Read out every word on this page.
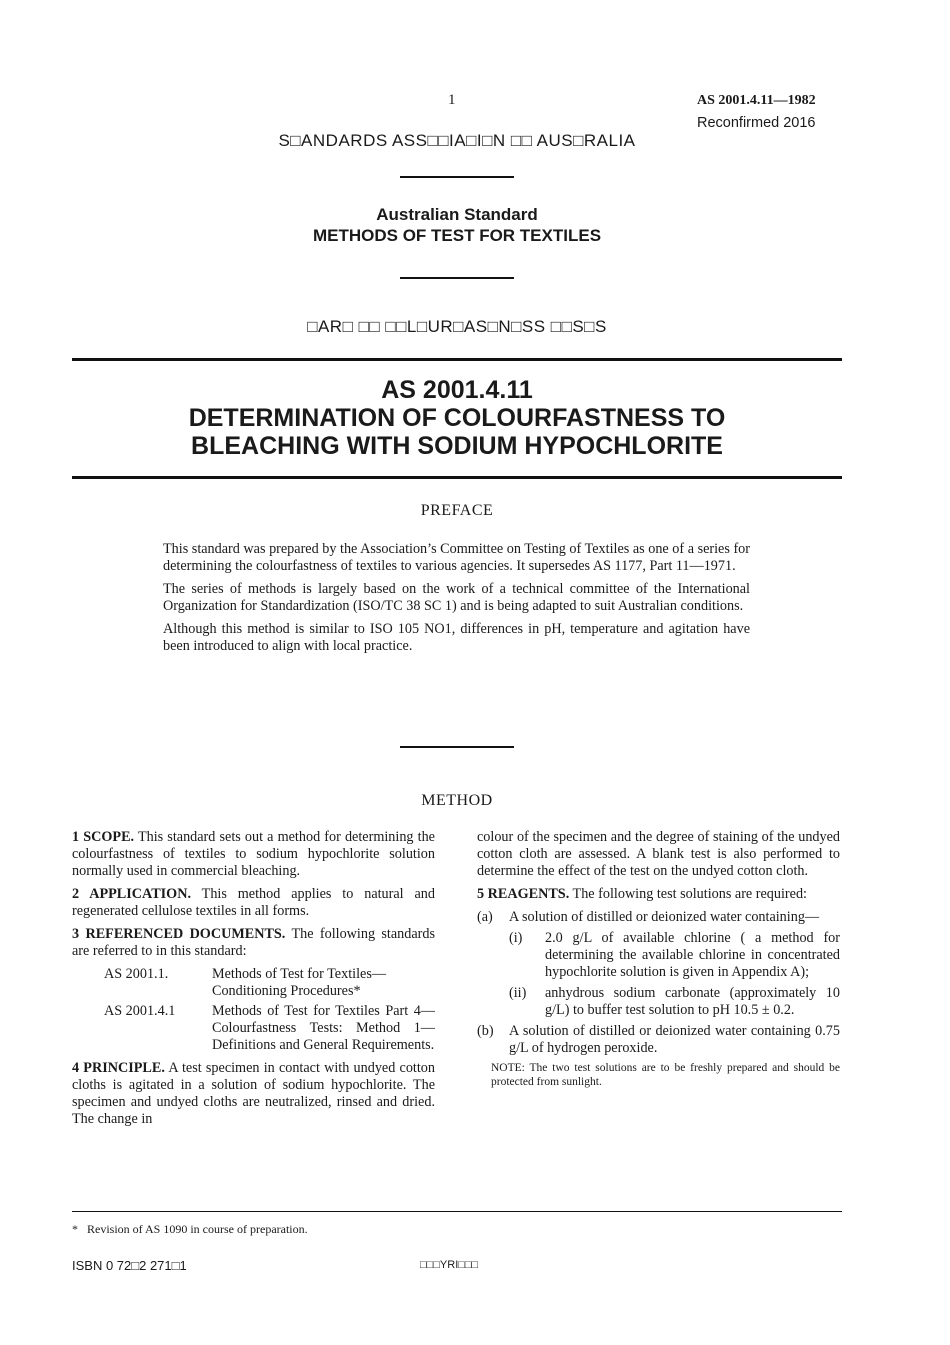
1	AS 2001.4.11—1982
Reconfirmed 2016
S□ANDARDS ASS□□IA□I□N □□ AUS□RALIA
Australian Standard
METHODS OF TEST FOR TEXTILES
□AR□ □□ □□L□UR□AS□N□SS □□S□S
AS 2001.4.11
DETERMINATION OF COLOURFASTNESS TO
BLEACHING WITH SODIUM HYPOCHLORITE
PREFACE

This standard was prepared by the Association’s Committee on Testing of Textiles as one of a series for determining the colourfastness of textiles to various agencies. It supersedes AS 1177, Part 11—1971.

The series of methods is largely based on the work of a technical committee of the International Organization for Standardization (ISO/TC 38 SC 1) and is being adapted to suit Australian conditions.

Although this method is similar to ISO 105 NO1, differences in pH, temperature and agitation have been introduced to align with local practice.

METHOD

1 SCOPE. This standard sets out a method for determining the colourfastness of textiles to sodium hypochlorite solution normally used in commercial bleaching.

2 APPLICATION. This method applies to natural and regenerated cellulose textiles in all forms.

3 REFERENCED DOCUMENTS. The following standards are referred to in this standard:

AS 2001.1.	Methods of Test for Textiles—Conditioning Procedures*
AS 2001.4.1	Methods of Test for Textiles Part 4—Colourfastness Tests: Method 1—Definitions and General Requirements.

4 PRINCIPLE. A test specimen in contact with undyed cotton cloths is agitated in a solution of sodium hypochlorite. The specimen and undyed cloths are neutralized, rinsed and dried. The change in

colour of the specimen and the degree of staining of the undyed cotton cloth are assessed. A blank test is also performed to determine the effect of the test on the undyed cotton cloth.

5 REAGENTS. The following test solutions are required:

(a)	A solution of distilled or deionized water containing—
(i)	2.0 g/L of available chlorine ( a method for determining the available chlorine in concentrated hypochlorite solution is given in Appendix A);
(ii)	anhydrous sodium carbonate (approximately 10 g/L) to buffer test solution to pH 10.5 ± 0.2.
(b)	A solution of distilled or deionized water containing 0.75 g/L of hydrogen peroxide.
NOTE: The two test solutions are to be freshly prepared and should be protected from sunlight.
*   Revision of AS 1090 in course of preparation.
ISBN 0 72□2 271□1	□□□YRI□□□
